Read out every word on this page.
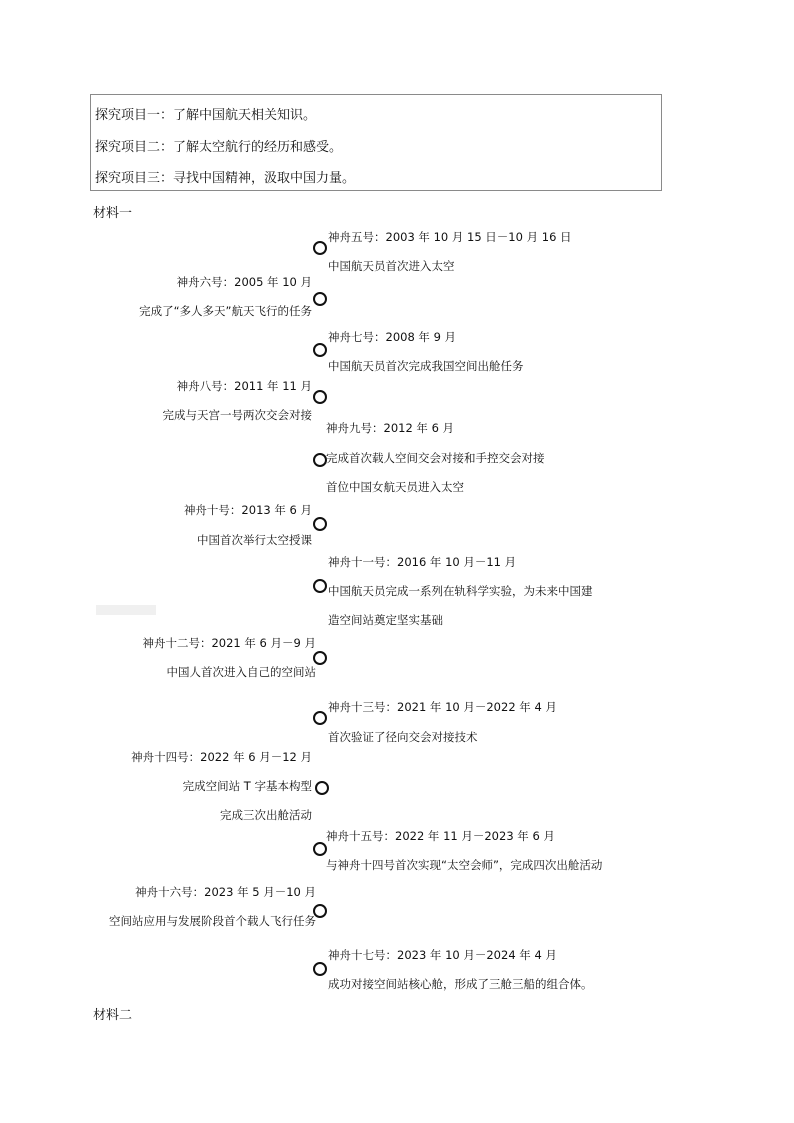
探究项目一：了解中国航天相关知识。
探究项目二：了解太空航行的经历和感受。
探究项目三：寻找中国精神，汲取中国力量。
材料一
神舟五号：2003 年 10 月 15 日－10 月 16 日
中国航天员首次进入太空
神舟六号：2005 年 10 月
完成了“多人多天”航天飞行的任务
神舟七号：2008 年 9 月
中国航天员首次完成我国空间出舱任务
神舟八号：2011 年 11 月
完成与天宫一号两次交会对接
神舟九号：2012 年 6 月
完成首次载人空间交会对接和手控交会对接
首位中国女航天员进入太空
神舟十号：2013 年 6 月
中国首次举行太空授课
神舟十一号：2016 年 10 月－11 月
中国航天员完成一系列在轨科学实验，为未来中国建
造空间站奠定坚实基础
神舟十二号：2021 年 6 月－9 月
中国人首次进入自己的空间站
神舟十三号：2021 年 10 月－2022 年 4 月
首次验证了径向交会对接技术
神舟十四号：2022 年 6 月－12 月
完成空间站 T 字基本构型
完成三次出舱活动
神舟十五号：2022 年 11 月－2023 年 6 月
与神舟十四号首次实现“太空会师”，完成四次出舱活动
神舟十六号：2023 年 5 月－10 月
空间站应用与发展阶段首个载人飞行任务
神舟十七号：2023 年 10 月－2024 年 4 月
成功对接空间站核心舱，形成了三舱三船的组合体。
材料二
